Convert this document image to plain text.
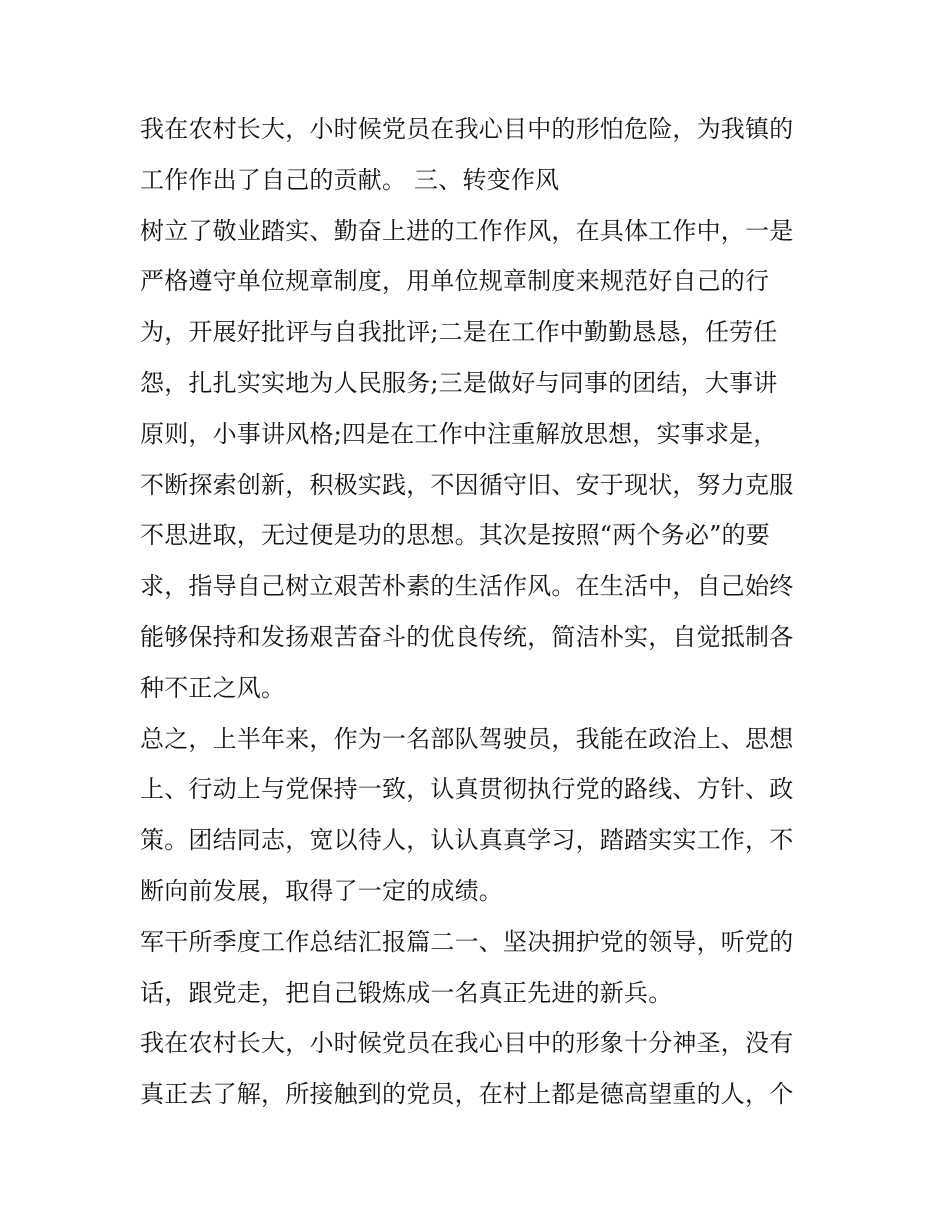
我在农村长大，小时候党员在我心目中的形怕危险，为我镇的
工作作出了自己的贡献。 三、转变作风
树立了敬业踏实、勤奋上进的工作作风，在具体工作中，一是
严格遵守单位规章制度，用单位规章制度来规范好自己的行
为，开展好批评与自我批评;二是在工作中勤勤恳恳，任劳任
怨，扎扎实实地为人民服务;三是做好与同事的团结，大事讲
原则，小事讲风格;四是在工作中注重解放思想，实事求是，
不断探索创新，积极实践，不因循守旧、安于现状，努力克服
不思进取，无过便是功的思想。其次是按照“两个务必”的要
求，指导自己树立艰苦朴素的生活作风。在生活中，自己始终
能够保持和发扬艰苦奋斗的优良传统，简洁朴实，自觉抵制各
种不正之风。
总之，上半年来，作为一名部队驾驶员，我能在政治上、思想
上、行动上与党保持一致，认真贯彻执行党的路线、方针、政
策。团结同志，宽以待人，认认真真学习，踏踏实实工作，不
断向前发展，取得了一定的成绩。
军干所季度工作总结汇报篇二一、坚决拥护党的领导，听党的
话，跟党走，把自己锻炼成一名真正先进的新兵。
我在农村长大，小时候党员在我心目中的形象十分神圣，没有
真正去了解，所接触到的党员，在村上都是德高望重的人，个
